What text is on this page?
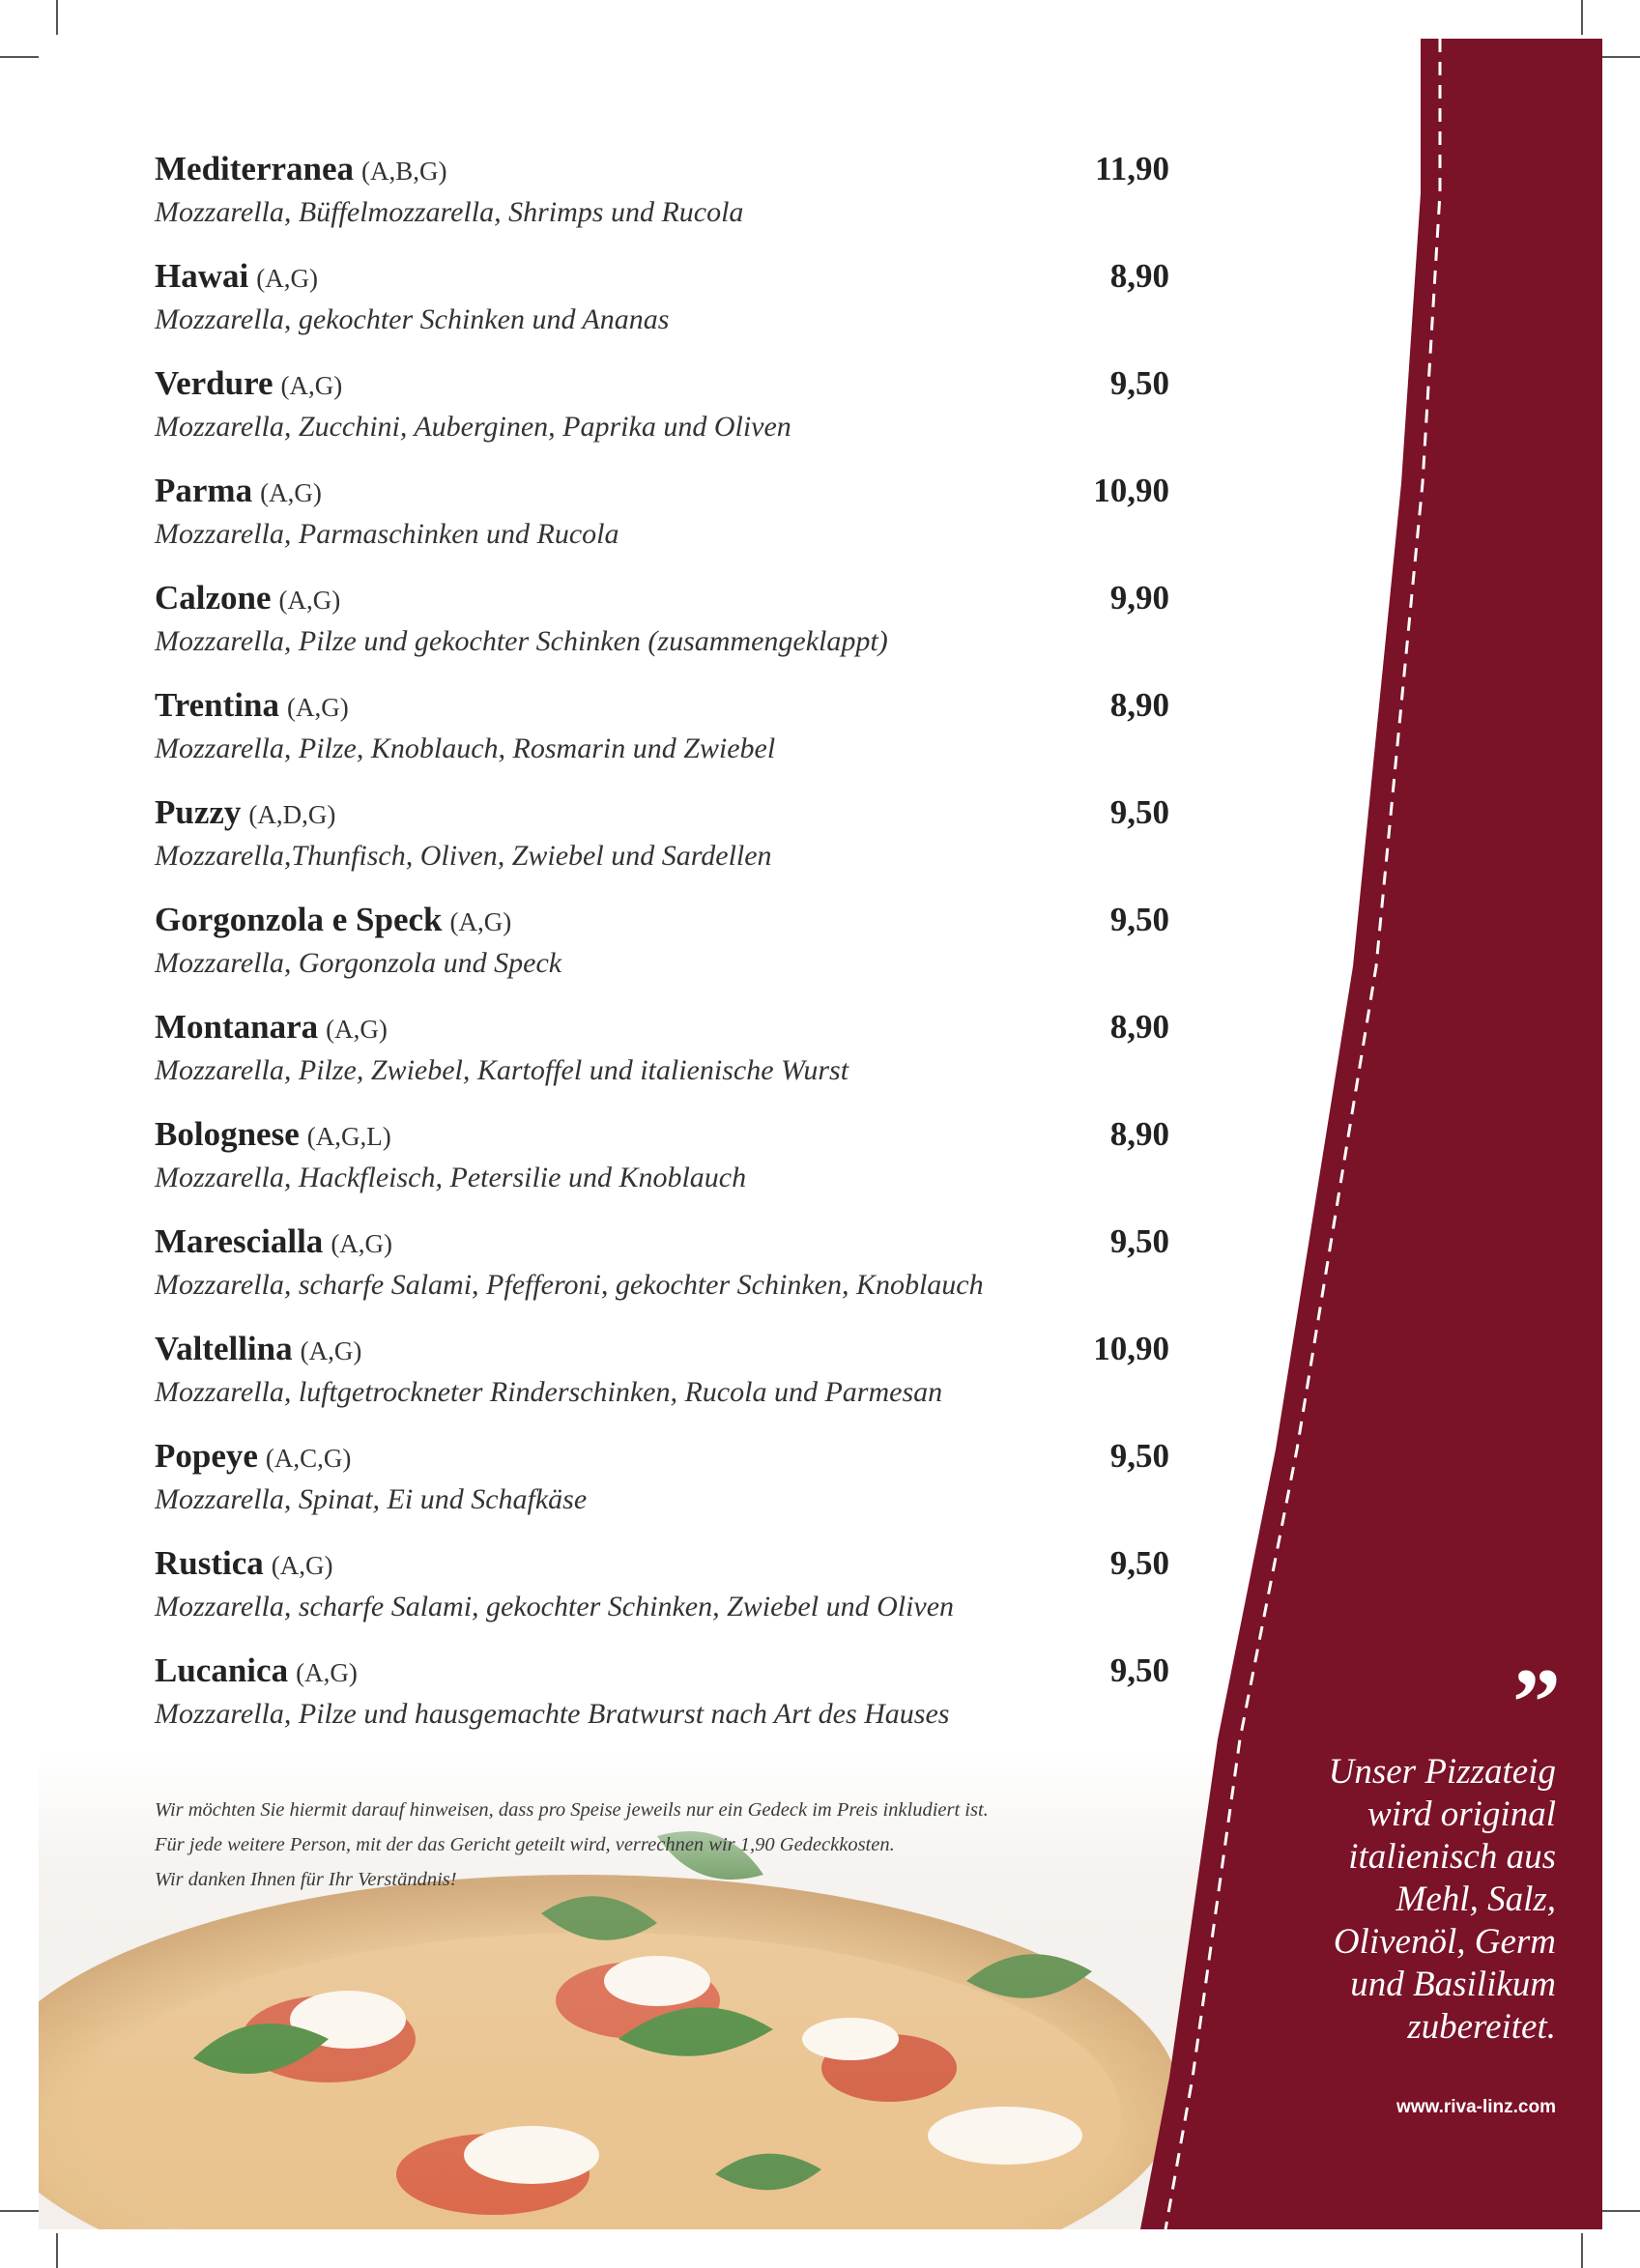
Mediterranea (A,B,G)	11,90
Mozzarella, Büffelmozzarella, Shrimps und Rucola
Hawai (A,G)	8,90
Mozzarella, gekochter Schinken und Ananas
Verdure (A,G)	9,50
Mozzarella, Zucchini, Auberginen, Paprika und Oliven
Parma (A,G)	10,90
Mozzarella, Parmaschinken und Rucola
Calzone (A,G)	9,90
Mozzarella, Pilze und gekochter Schinken (zusammengeklappt)
Trentina (A,G)	8,90
Mozzarella, Pilze, Knoblauch, Rosmarin und Zwiebel
Puzzy (A,D,G)	9,50
Mozzarella,Thunfisch, Oliven, Zwiebel und Sardellen
Gorgonzola e Speck (A,G)	9,50
Mozzarella, Gorgonzola und Speck
Montanara (A,G)	8,90
Mozzarella, Pilze, Zwiebel, Kartoffel und italienische Wurst
Bolognese (A,G,L)	8,90
Mozzarella, Hackfleisch, Petersilie und Knoblauch
Marescialla (A,G)	9,50
Mozzarella, scharfe Salami, Pfefferoni, gekochter Schinken, Knoblauch
Valtellina (A,G)	10,90
Mozzarella, luftgetrockneter Rinderschinken, Rucola und Parmesan
Popeye (A,C,G)	9,50
Mozzarella, Spinat, Ei und Schafkäse
Rustica (A,G)	9,50
Mozzarella, scharfe Salami, gekochter Schinken, Zwiebel und Oliven
Lucanica (A,G)	9,50
Mozzarella, Pilze und hausgemachte Bratwurst nach Art des Hauses
Wir möchten Sie hiermit darauf hinweisen, dass pro Speise jeweils nur ein Gedeck im Preis inkludiert ist.
Für jede weitere Person, mit der das Gericht geteilt wird, verrechnen wir 1,90 Gedeckkosten.
Wir danken Ihnen für Ihr Verständnis!
”
Unser Pizzateig
wird original
italienisch aus
Mehl, Salz,
Olivenöl, Germ
und Basilikum
zubereitet.
www.riva-linz.com
